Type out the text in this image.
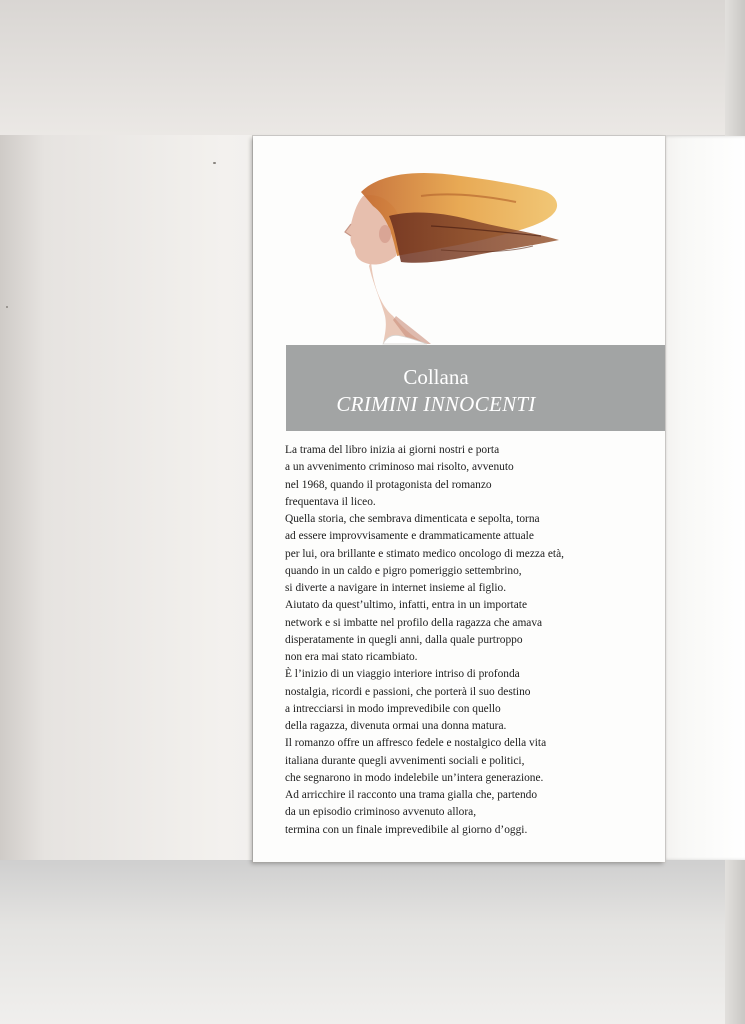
Collana
CRIMINI INNOCENTI
La trama del libro inizia ai giorni nostri e porta
a un avvenimento criminoso mai risolto, avvenuto
nel 1968, quando il protagonista del romanzo
frequentava il liceo.
Quella storia, che sembrava dimenticata e sepolta, torna
ad essere improvvisamente e drammaticamente attuale
per lui, ora brillante e stimato medico oncologo di mezza età,
quando in un caldo e pigro pomeriggio settembrino,
si diverte a navigare in internet insieme al figlio.
Aiutato da quest’ultimo, infatti, entra in un importate
network e si imbatte nel profilo della ragazza che amava
disperatamente in quegli anni, dalla quale purtroppo
non era mai stato ricambiato.
È l’inizio di un viaggio interiore intriso di profonda
nostalgia, ricordi e passioni, che porterà il suo destino
a intrecciarsi in modo imprevedibile con quello
della ragazza, divenuta ormai una donna matura.
Il romanzo offre un affresco fedele e nostalgico della vita
italiana durante quegli avvenimenti sociali e politici,
che segnarono in modo indelebile un’intera generazione.
Ad arricchire il racconto una trama gialla che, partendo
da un episodio criminoso avvenuto allora,
termina con un finale imprevedibile al giorno d’oggi.
